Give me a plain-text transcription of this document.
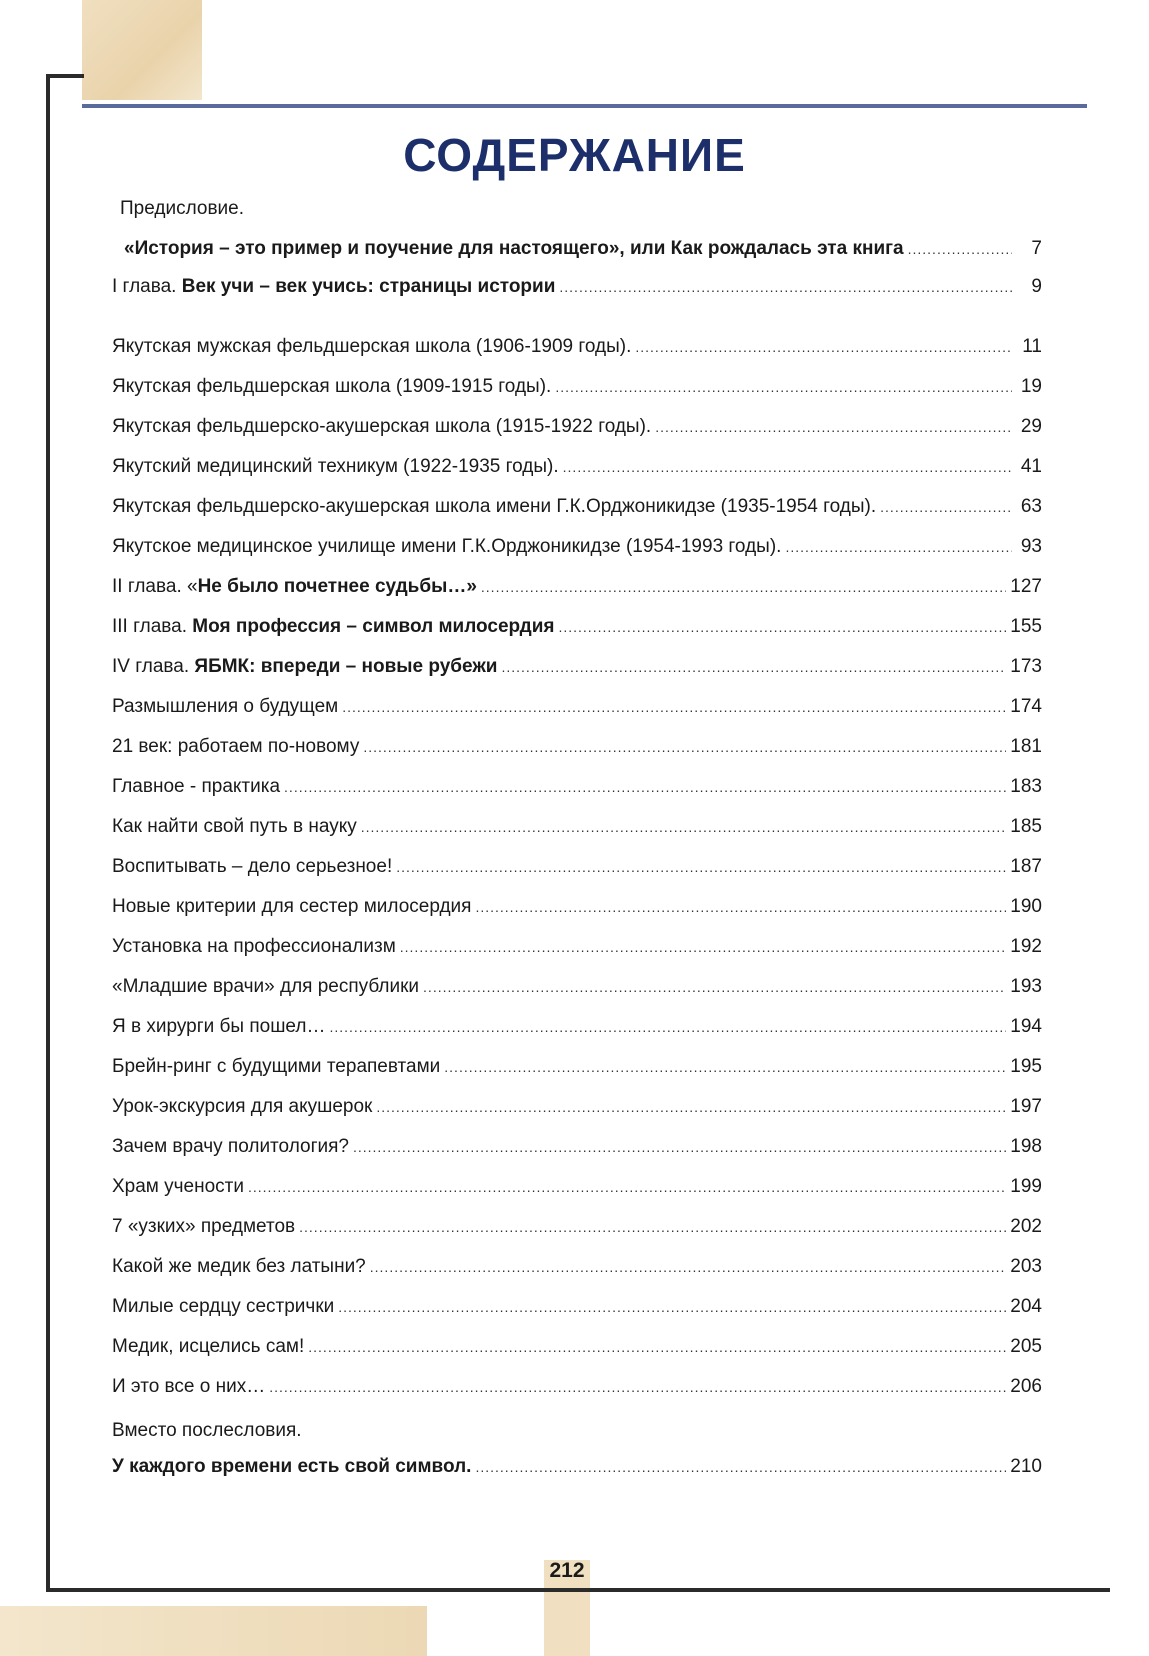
СОДЕРЖАНИЕ
Предисловие.
«История – это пример и поучение для настоящего», или Как рождалась эта книга .....	7
I глава. Век учи – век учись: страницы истории .....	9
Якутская мужская фельдшерская школа (1906-1909 годы). .....	11
Якутская фельдшерская школа (1909-1915 годы). .....	19
Якутская фельдшерско-акушерская школа (1915-1922 годы). .....	29
Якутский медицинский техникум (1922-1935 годы). .....	41
Якутская фельдшерско-акушерская школа имени Г.К.Орджоникидзе (1935-1954 годы). .....	63
Якутское медицинское училище имени Г.К.Орджоникидзе (1954-1993 годы). .....	93
II глава. «Не было почетнее судьбы…» .....	127
III глава. Моя профессия – символ милосердия .....	155
IV глава. ЯБМК: впереди – новые рубежи .....	173
Размышления о будущем .....	174
21 век: работаем по-новому .....	181
Главное - практика .....	183
Как найти свой путь в науку .....	185
Воспитывать – дело серьезное! .....	187
Новые критерии для сестер милосердия .....	190
Установка на профессионализм .....	192
«Младшие врачи» для республики .....	193
Я в хирурги бы пошел… .....	194
Брейн-ринг с будущими терапевтами .....	195
Урок-экскурсия для акушерок .....	197
Зачем врачу политология? .....	198
Храм учености .....	199
7 «узких» предметов .....	202
Какой же медик без латыни? .....	203
Милые сердцу сестрички .....	204
Медик, исцелись сам! .....	205
И это все о них… .....	206
У каждого времени есть свой символ. .....	210
Вместо послесловия.
212
